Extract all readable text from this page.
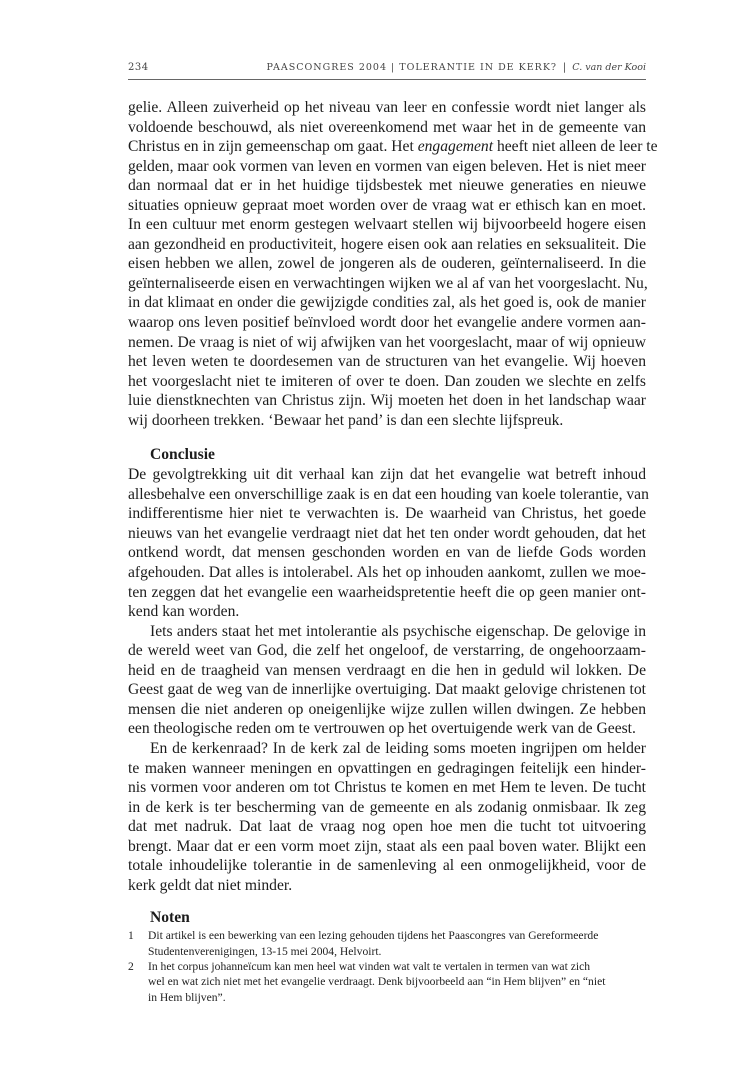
234	PAASCONGRES 2004 | TOLERANTIE IN DE KERK? | C. van der Kooi
gelie. Alleen zuiverheid op het niveau van leer en confessie wordt niet langer als
voldoende beschouwd, als niet overeenkomend met waar het in de gemeente van
Christus en in zijn gemeenschap om gaat. Het engagement heeft niet alleen de leer te
gelden, maar ook vormen van leven en vormen van eigen beleven. Het is niet meer
dan normaal dat er in het huidige tijdsbestek met nieuwe generaties en nieuwe
situaties opnieuw gepraat moet worden over de vraag wat er ethisch kan en moet.
In een cultuur met enorm gestegen welvaart stellen wij bijvoorbeeld hogere eisen
aan gezondheid en productiviteit, hogere eisen ook aan relaties en seksualiteit. Die
eisen hebben we allen, zowel de jongeren als de ouderen, geïnternaliseerd. In die
geïnternaliseerde eisen en verwachtingen wijken we al af van het voorgeslacht. Nu,
in dat klimaat en onder die gewijzigde condities zal, als het goed is, ook de manier
waarop ons leven positief beïnvloed wordt door het evangelie andere vormen aan-
nemen. De vraag is niet of wij afwijken van het voorgeslacht, maar of wij opnieuw
het leven weten te doordesemen van de structuren van het evangelie. Wij hoeven
het voorgeslacht niet te imiteren of over te doen. Dan zouden we slechte en zelfs
luie dienstknechten van Christus zijn. Wij moeten het doen in het landschap waar
wij doorheen trekken. ‘Bewaar het pand’ is dan een slechte lijfspreuk.
Conclusie
De gevolgtrekking uit dit verhaal kan zijn dat het evangelie wat betreft inhoud
allesbehalve een onverschillige zaak is en dat een houding van koele tolerantie, van
indifferentisme hier niet te verwachten is. De waarheid van Christus, het goede
nieuws van het evangelie verdraagt niet dat het ten onder wordt gehouden, dat het
ontkend wordt, dat mensen geschonden worden en van de liefde Gods worden
afgehouden. Dat alles is intolerabel. Als het op inhouden aankomt, zullen we moe-
ten zeggen dat het evangelie een waarheidspretentie heeft die op geen manier ont-
kend kan worden.
Iets anders staat het met intolerantie als psychische eigenschap. De gelovige in
de wereld weet van God, die zelf het ongeloof, de verstarring, de ongehoorzaam-
heid en de traagheid van mensen verdraagt en die hen in geduld wil lokken. De
Geest gaat de weg van de innerlijke overtuiging. Dat maakt gelovige christenen tot
mensen die niet anderen op oneigenlijke wijze zullen willen dwingen. Ze hebben
een theologische reden om te vertrouwen op het overtuigende werk van de Geest.
En de kerkenraad? In de kerk zal de leiding soms moeten ingrijpen om helder
te maken wanneer meningen en opvattingen en gedragingen feitelijk een hinder-
nis vormen voor anderen om tot Christus te komen en met Hem te leven. De tucht
in de kerk is ter bescherming van de gemeente en als zodanig onmisbaar. Ik zeg
dat met nadruk. Dat laat de vraag nog open hoe men die tucht tot uitvoering
brengt. Maar dat er een vorm moet zijn, staat als een paal boven water. Blijkt een
totale inhoudelijke tolerantie in de samenleving al een onmogelijkheid, voor de
kerk geldt dat niet minder.
Noten
1 Dit artikel is een bewerking van een lezing gehouden tijdens het Paascongres van Gereformeerde
Studentenverenigingen, 13-15 mei 2004, Helvoirt.
2 In het corpus johanneïcum kan men heel wat vinden wat valt te vertalen in termen van wat zich
wel en wat zich niet met het evangelie verdraagt. Denk bijvoorbeeld aan “in Hem blijven” en “niet
in Hem blijven”.
